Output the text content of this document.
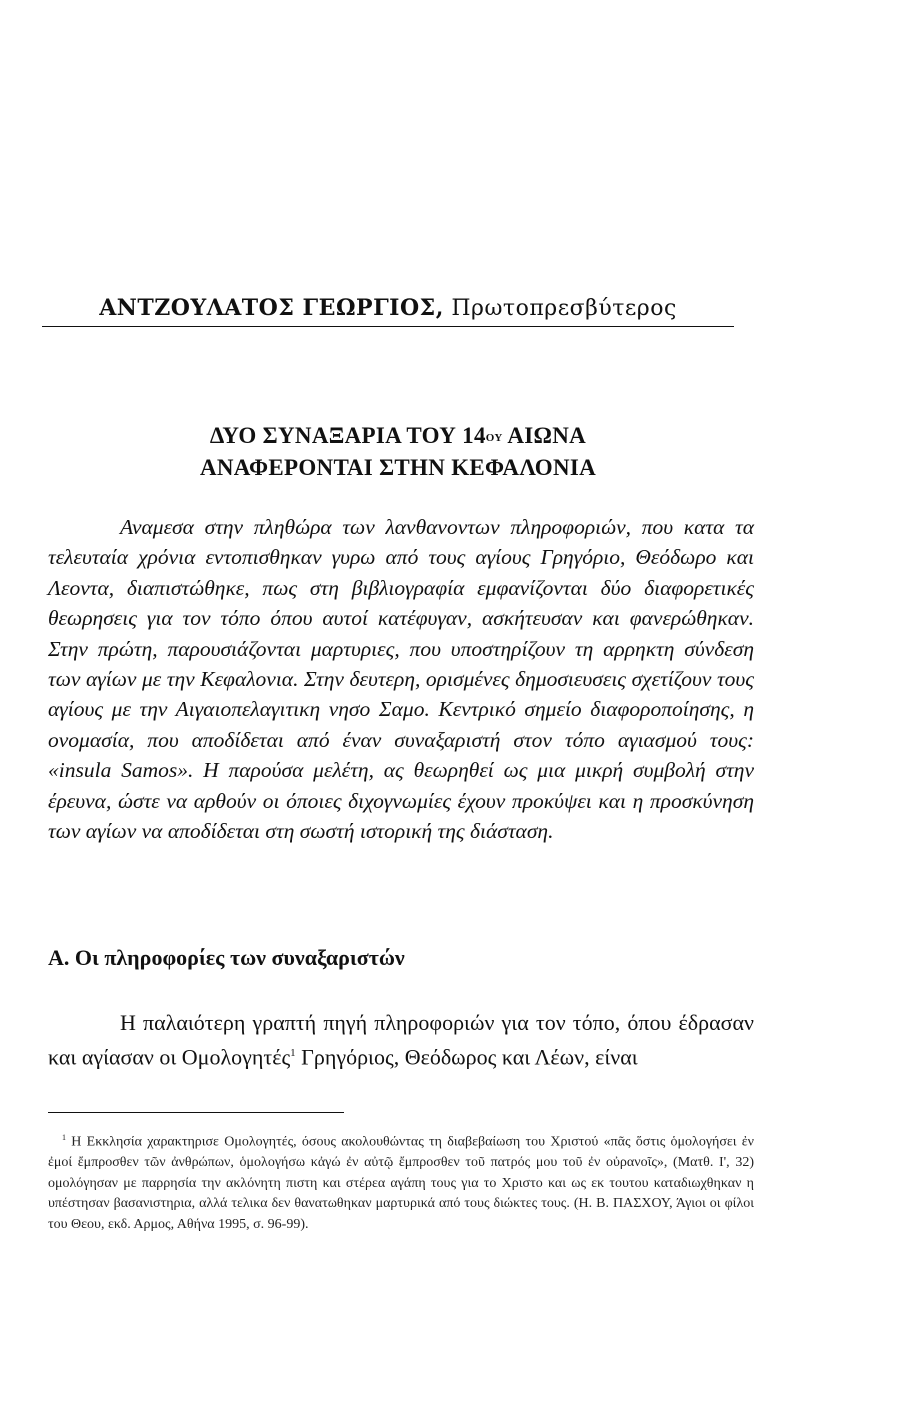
ΑΝΤΖΟΥΛΑΤΟΣ ΓΕΩΡΓΙΟΣ, Πρωτοπρεσβύτερος
ΔΥΟ ΣΥΝΑΞΑΡΙΑ ΤΟΥ $14^{O\Upsilon}$ ΑΙΩΝΑ
ΑΝΑΦΕΡΟΝΤΑΙ ΣΤΗΝ ΚΕΦΑΛΟΝΙΑ

Αναμεσα στην πληθώρα των λανθανοντων πληροφοριών, που κατα τα τελευταία χρόνια εντοπισθηκαν γυρω από τους αγίους Γρηγόριο, Θεόδωρο και Λεοντα, διαπιστώθηκε, πως στη βιβλιογραφία εμφανίζονται δύο διαφορετικές θεωρησεις για τον τόπο όπου αυτοί κατέφυγαν, ασκήτευσαν και φανερώθηκαν. Στην πρώτη, παρουσιάζονται μαρτυριες, που υποστηρίζουν τη αρρηκτη σύνδεση των αγίων με την Κεφαλονια. Στην δευτερη, ορισμένες δημοσιευσεις σχετίζουν τους αγίους με την Αιγαιοπελαγιτικη νησο Σαμο. Κεντρικό σημείο διαφοροποίησης, η ονομασία, που αποδίδεται από έναν συναξαριστή στον τόπο αγιασμού τους: «insula Samos». Η παρούσα μελέτη, ας θεωρηθεί ως μια μικρή συμβολή στην έρευνα, ώστε να αρθούν οι όποιες διχογνωμίες έχουν προκύψει και η προσκύνηση των αγίων να αποδίδεται στη σωστή ιστορική της διάσταση.

Α. Οι πληροφορίες των συναξαριστών

Η παλαιότερη γραπτή πηγή πληροφοριών για τον τόπο, όπου έδρασαν και αγίασαν οι Ομολογητές$^1$ Γρηγόριος, Θεόδωρος και Λέων, είναι

$^1$ Η Εκκλησία χαρακτηρισε Ομολογητές, όσους ακολουθώντας τη διαβεβαίωση του Χριστού «πᾶς ὅστις ὁμολογήσει ἐν ἐμοί ἔμπροσθεν τῶν ἀνθρώπων, ὁμολογήσω κἀγώ ἐν αὐτῷ ἔμπροσθεν τοῦ πατρός μου τοῦ ἐν οὐρανοῖς», (Ματθ. Ι', 32) ομολόγησαν με παρρησία την ακλόνητη πιστη και στέρεα αγάπη τους για το Χριστο και ως εκ τουτου καταδιωχθηκαν η υπέστησαν βασανιστηρια, αλλά τελικα δεν θανατωθηκαν μαρτυρικά από τους διώκτες τους. (Η. Β. ΠΑΣΧΟΥ, Άγιοι οι φίλοι του Θεου, εκδ. Αρμος, Αθήνα 1995, σ. 96-99).
